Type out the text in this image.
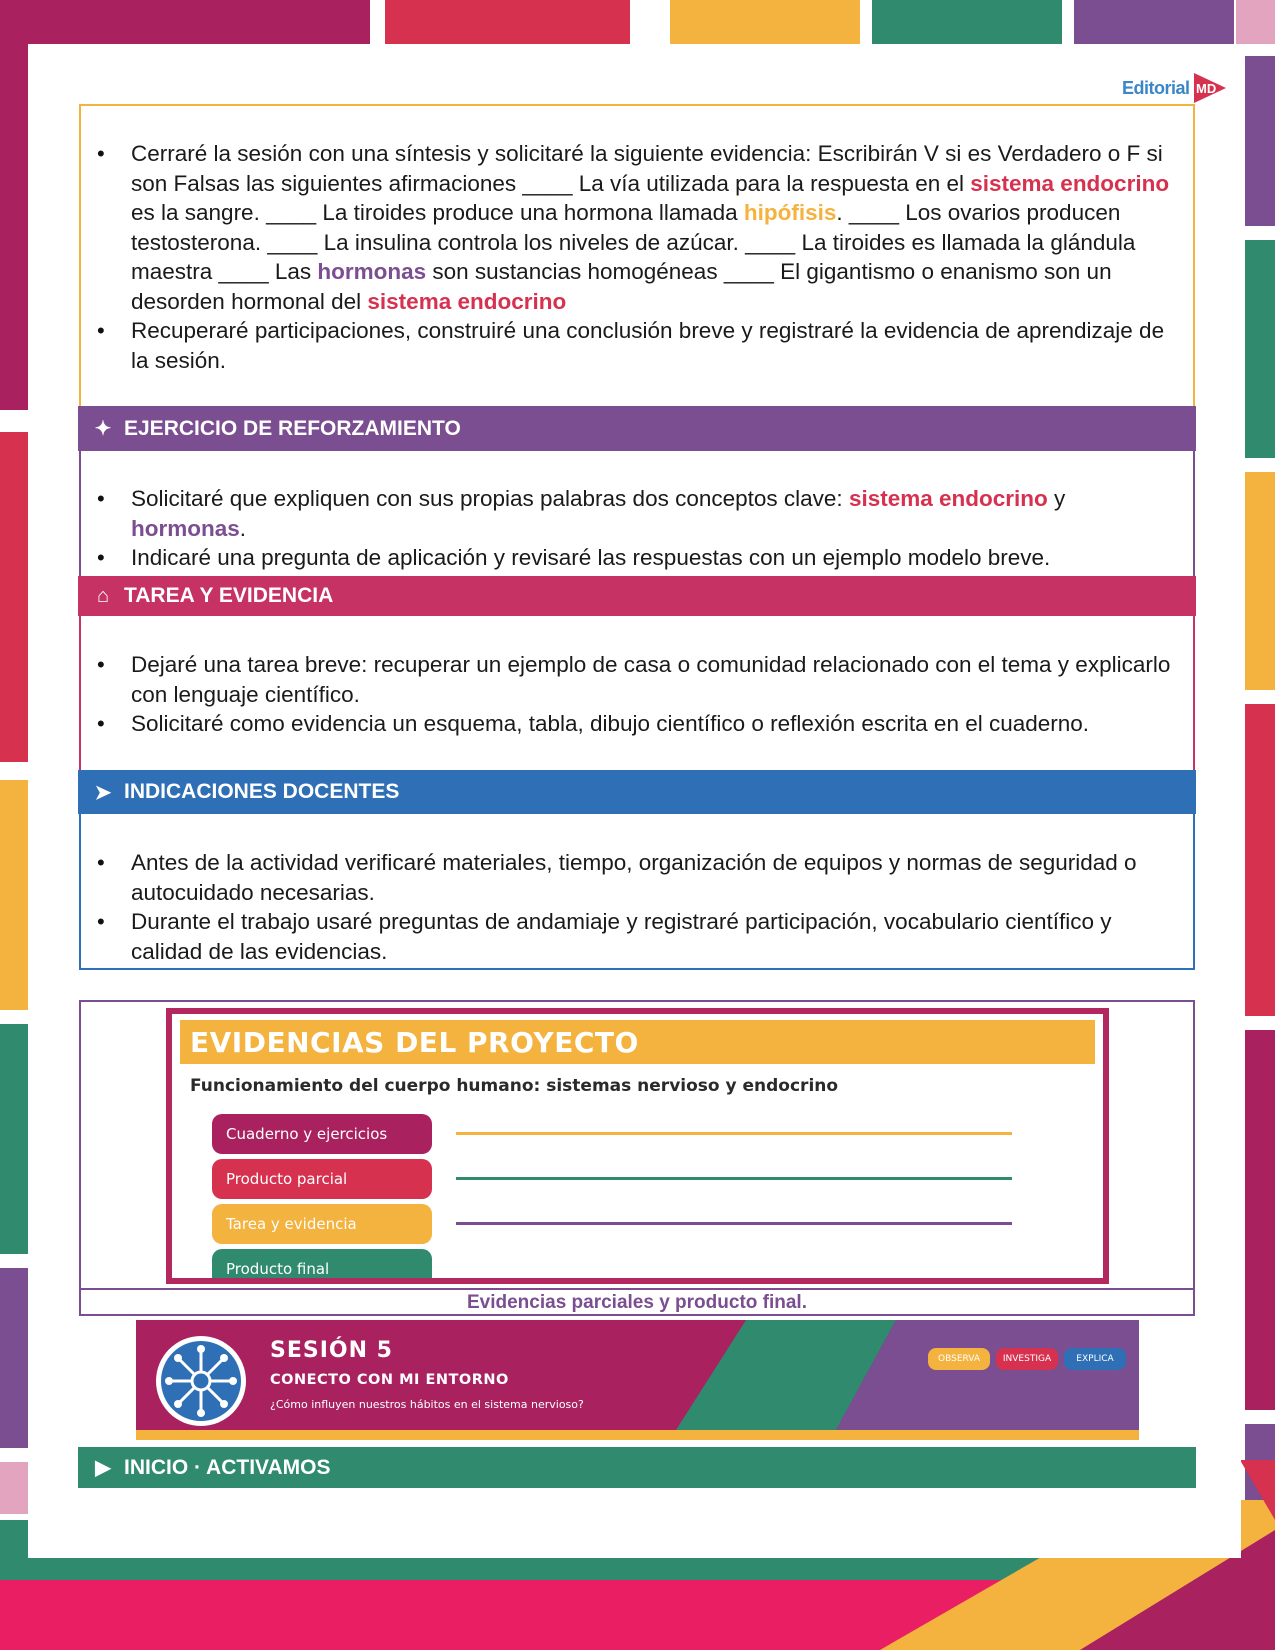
Editorial MD
• Cerraré la sesión con una síntesis y solicitaré la siguiente evidencia: Escribirán V si es Verdadero o F si son Falsas las siguientes afirmaciones ____ La vía utilizada para la respuesta en el sistema endocrino es la sangre. ____ La tiroides produce una hormona llamada hipófisis. ____ Los ovarios producen testosterona. ____ La insulina controla los niveles de azúcar. ____ La tiroides es llamada la glándula maestra ____ Las hormonas son sustancias homogéneas ____ El gigantismo o enanismo son un desorden hormonal del sistema endocrino
• Recuperaré participaciones, construiré una conclusión breve y registraré la evidencia de aprendizaje de la sesión.
✦ EJERCICIO DE REFORZAMIENTO
• Solicitaré que expliquen con sus propias palabras dos conceptos clave: sistema endocrino y hormonas.
• Indicaré una pregunta de aplicación y revisaré las respuestas con un ejemplo modelo breve.
⌂ TAREA Y EVIDENCIA
• Dejaré una tarea breve: recuperar un ejemplo de casa o comunidad relacionado con el tema y explicarlo con lenguaje científico.
• Solicitaré como evidencia un esquema, tabla, dibujo científico o reflexión escrita en el cuaderno.
➤ INDICACIONES DOCENTES
• Antes de la actividad verificaré materiales, tiempo, organización de equipos y normas de seguridad o autocuidado necesarias.
• Durante el trabajo usaré preguntas de andamiaje y registraré participación, vocabulario científico y calidad de las evidencias.
EVIDENCIAS DEL PROYECTO
Funcionamiento del cuerpo humano: sistemas nervioso y endocrino
Cuaderno y ejercicios
Producto parcial
Tarea y evidencia
Producto final
Evidencias parciales y producto final.
SESIÓN 5
CONECTO CON MI ENTORNO
¿Cómo influyen nuestros hábitos en el sistema nervioso?
OBSERVA	INVESTIGA	EXPLICA
▶ INICIO · ACTIVAMOS
